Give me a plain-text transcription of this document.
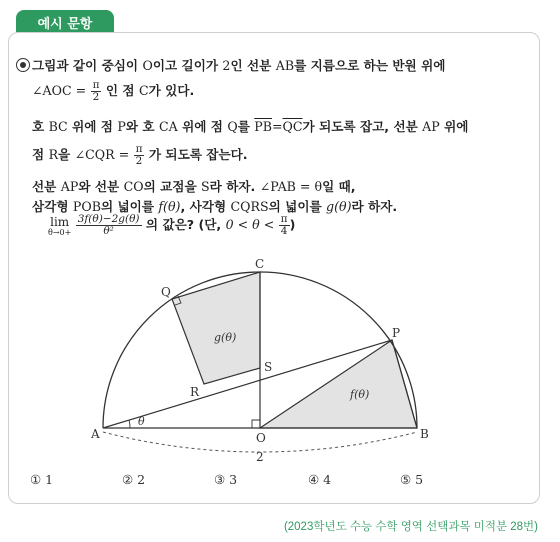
예시 문항
그림과 같이 중심이 O이고 길이가 2인 선분 AB를 지름으로 하는 반원 위에
∠AOC = $\frac{\pi}{2}$ 인 점 C가 있다.
호 BC 위에 점 P와 호 CA 위에 점 Q를 $\overline{PB}=\overline{QC}$가 되도록 잡고, 선분 AP 위에
점 R을 ∠CQR = $\frac{\pi}{2}$ 가 되도록 잡는다.
선분 AP와 선분 CO의 교점을 S라 하자. ∠PAB = θ일 때,
삼각형 POB의 넓이를 f(θ), 사각형 CQRS의 넓이를 g(θ)라 하자.
lim
θ→0+
$\frac{3f(\theta)-2g(\theta)}{\text{θ²}}$ 의 값은? (단, $0 < \theta < \frac{\pi}{4}$ )
A	B
C
O
P
Q
R
S
θ
2
g(θ)
f(θ)
① 1	② 2	③ 3	④ 4	⑤ 5
(2023학년도 수능 수학 영역 선택과목 미적분 28번)
